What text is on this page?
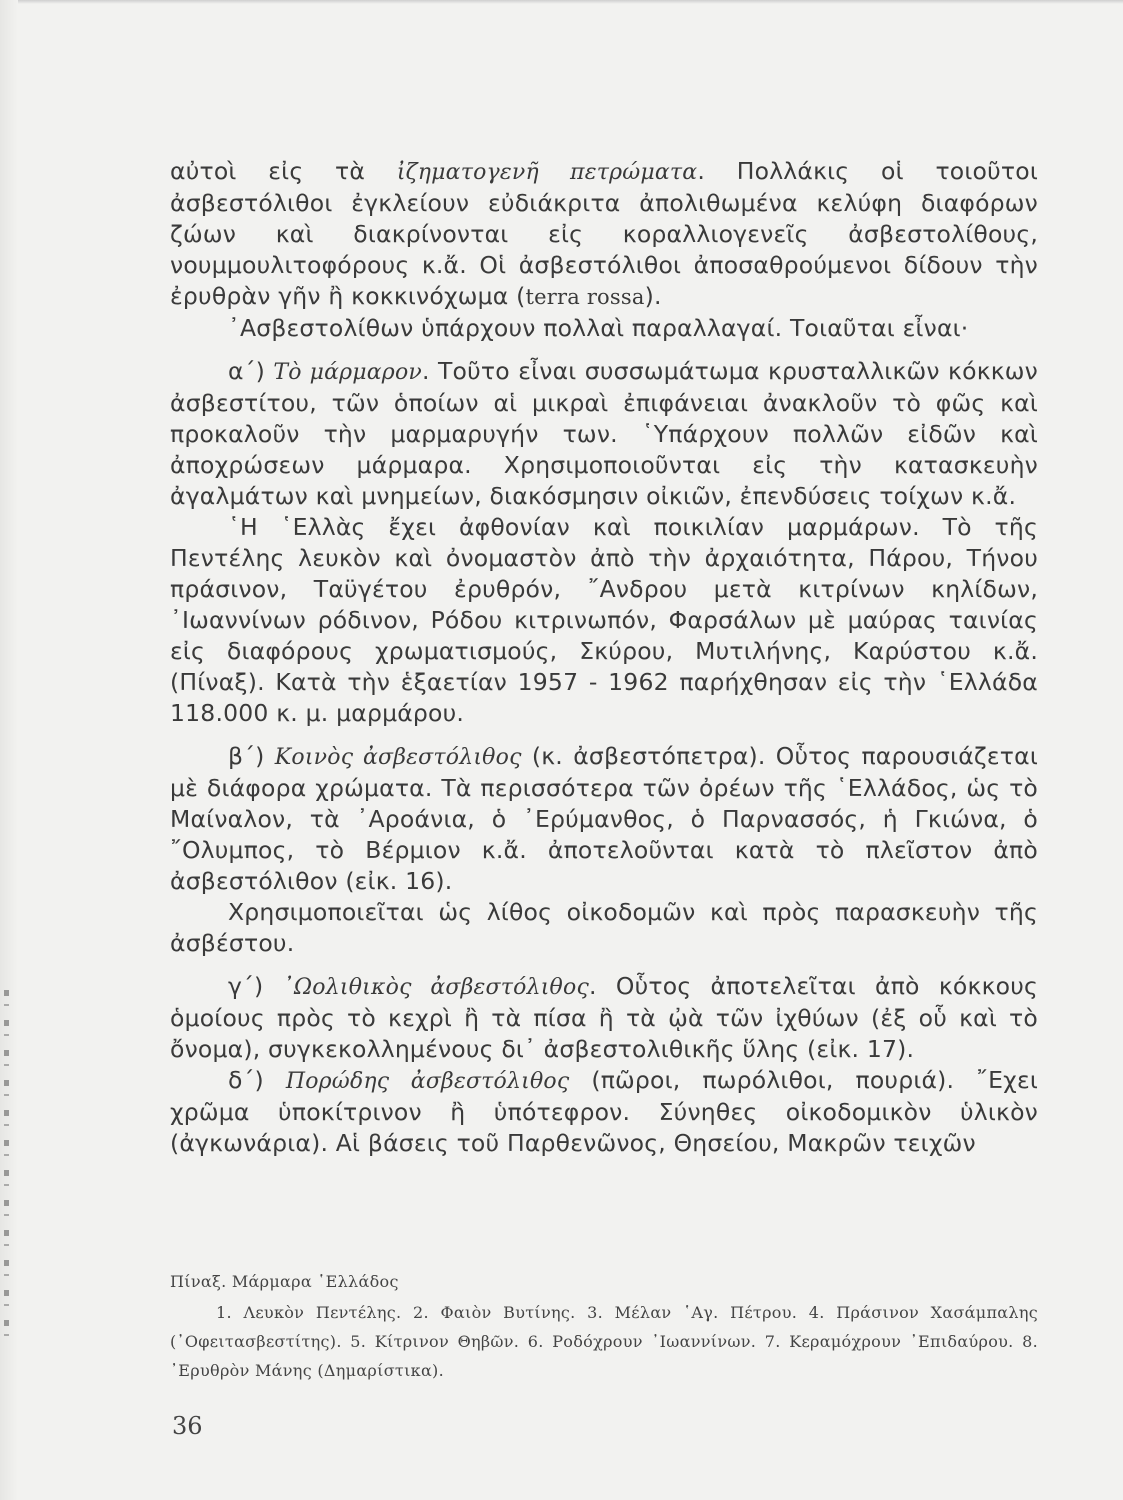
αὐτοὶ εἰς τὰ ἰζηματογενῆ πετρώματα. Πολλάκις οἱ τοιοῦτοι ἀσβεστόλιθοι ἐγκλείουν εὐδιάκριτα ἀπολιθωμένα κελύφη διαφόρων ζώων καὶ διακρίνονται εἰς κοραλλιογενεῖς ἀσβεστολίθους, νουμμουλιτοφόρους κ.ἄ. Οἱ ἀσβεστόλιθοι ἀποσαθρούμενοι δίδουν τὴν ἐρυθρὰν γῆν ἢ κοκκινόχωμα (terra rossa).

᾿Ασβεστολίθων ὑπάρχουν πολλαὶ παραλλαγαί. Τοιαῦται εἶναι·

α´) Τὸ μάρμαρον. Τοῦτο εἶναι συσσωμάτωμα κρυσταλλικῶν κόκκων ἀσβεστίτου, τῶν ὁποίων αἱ μικραὶ ἐπιφάνειαι ἀνακλοῦν τὸ φῶς καὶ προκαλοῦν τὴν μαρμαρυγήν των. ῾Υπάρχουν πολλῶν εἰδῶν καὶ ἀποχρώσεων μάρμαρα. Χρησιμοποιοῦνται εἰς τὴν κατασκευὴν ἀγαλμάτων καὶ μνημείων, διακόσμησιν οἰκιῶν, ἐπενδύσεις τοίχων κ.ἄ.

῾Η ῾Ελλὰς ἔχει ἀφθονίαν καὶ ποικιλίαν μαρμάρων. Τὸ τῆς Πεντέλης λευκὸν καὶ ὀνομαστὸν ἀπὸ τὴν ἀρχαιότητα, Πάρου, Τήνου πράσινον, Ταϋγέτου ἐρυθρόν, ῎Ανδρου μετὰ κιτρίνων κηλίδων, ᾿Ιωαννίνων ρόδινον, Ρόδου κιτρινωπόν, Φαρσάλων μὲ μαύρας ταινίας εἰς διαφόρους χρωματισμούς, Σκύρου, Μυτιλήνης, Καρύστου κ.ἄ. (Πίναξ). Κατὰ τὴν ἑξαετίαν 1957 - 1962 παρήχθησαν εἰς τὴν ῾Ελλάδα 118.000 κ. μ. μαρμάρου.

β´) Κοινὸς ἀσβεστόλιθος (κ. ἀσβεστόπετρα). Οὗτος παρουσιάζεται μὲ διάφορα χρώματα. Τὰ περισσότερα τῶν ὀρέων τῆς ῾Ελλάδος, ὡς τὸ Μαίναλον, τὰ ᾿Αροάνια, ὁ ᾿Ερύμανθος, ὁ Παρνασσός, ἡ Γκιώνα, ὁ ῎Ολυμπος, τὸ Βέρμιον κ.ἄ. ἀποτελοῦνται κατὰ τὸ πλεῖστον ἀπὸ ἀσβεστόλιθον (εἰκ. 16).

Χρησιμοποιεῖται ὡς λίθος οἰκοδομῶν καὶ πρὸς παρασκευὴν τῆς ἀσβέστου.

γ´) ᾿Ωολιθικὸς ἀσβεστόλιθος. Οὗτος ἀποτελεῖται ἀπὸ κόκκους ὁμοίους πρὸς τὸ κεχρὶ ἢ τὰ πίσα ἢ τὰ ᾠὰ τῶν ἰχθύων (ἐξ οὗ καὶ τὸ ὄνομα), συγκεκολλημένους δι᾿ ἀσβεστολιθικῆς ὕλης (εἰκ. 17).

δ´) Πορώδης ἀσβεστόλιθος (πῶροι, πωρόλιθοι, πουριά). ῎Εχει χρῶμα ὑποκίτρινον ἢ ὑπότεφρον. Σύνηθες οἰκοδομικὸν ὑλικὸν (ἀγκωνάρια). Αἱ βάσεις τοῦ Παρθενῶνος, Θησείου, Μακρῶν τειχῶν

Πίναξ. Μάρμαρα ῾Ελλάδος

1. Λευκὸν Πεντέλης. 2. Φαιὸν Βυτίνης. 3. Μέλαν ῾Αγ. Πέτρου. 4. Πράσινον Χασάμπαλης (᾿Οφειτασβεστίτης). 5. Κίτρινον Θηβῶν. 6. Ροδόχρουν ᾿Ιωαννίνων. 7. Κεραμόχρουν ᾿Επιδαύρου. 8. ᾿Ερυθρὸν Μάνης (Δημαρίστικα).

36
